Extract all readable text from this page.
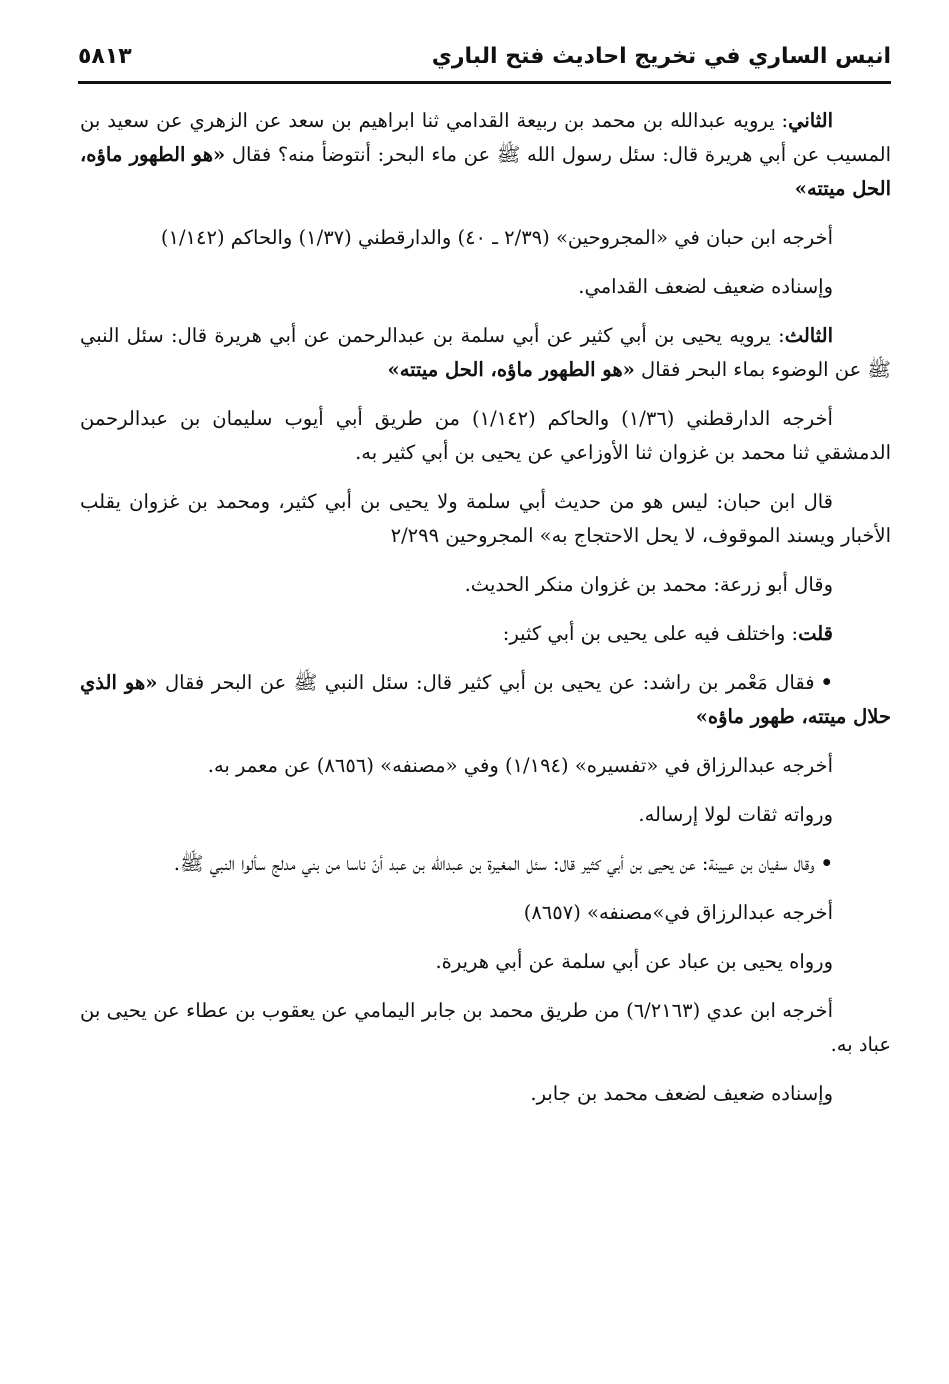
انيس الساري في تخريج احاديث فتح الباري
٥٨١٣

الثاني: يرويه عبدالله بن محمد بن ربيعة القدامي ثنا ابراهيم بن سعد عن الزهري عن سعيد بن المسيب عن أبي هريرة قال: سئل رسول الله ﷺ عن ماء البحر: أنتوضأ منه؟ فقال «هو الطهور ماؤه، الحل ميتته»

أخرجه ابن حبان في «المجروحين» (٢/٣٩ ـ ٤٠) والدارقطني (١/٣٧) والحاكم (١/١٤٢)

وإسناده ضعيف لضعف القدامي.

الثالث: يرويه يحيى بن أبي كثير عن أبي سلمة بن عبدالرحمن عن أبي هريرة قال: سئل النبي ﷺ عن الوضوء بماء البحر فقال «هو الطهور ماؤه، الحل ميتته»

أخرجه الدارقطني (١/٣٦) والحاكم (١/١٤٢) من طريق أبي أيوب سليمان بن عبدالرحمن الدمشقي ثنا محمد بن غزوان ثنا الأوزاعي عن يحيى بن أبي كثير به.

قال ابن حبان: ليس هو من حديث أبي سلمة ولا يحيى بن أبي كثير، ومحمد بن غزوان يقلب الأخبار ويسند الموقوف، لا يحل الاحتجاج به» المجروحين ٢/٢٩٩

وقال أبو زرعة: محمد بن غزوان منكر الحديث.

قلت: واختلف فيه على يحيى بن أبي كثير:

•فقال مَعْمر بن راشد: عن يحيى بن أبي كثير قال: سئل النبي ﷺ عن البحر فقال «هو الذي حلال ميتته، طهور ماؤه»

أخرجه عبدالرزاق في «تفسيره» (١/١٩٤) وفي «مصنفه» (٨٦٥٦) عن معمر به.

ورواته ثقات لولا إرساله.

•وقال سفيان بن عيينة: عن يحيى بن أبي كثير قال: سئل المغيرة بن عبدالله بن عبد أنّ ناسا من بني مدلج سألوا النبي ﷺ.

أخرجه عبدالرزاق في»مصنفه» (٨٦٥٧)

ورواه يحيى بن عباد عن أبي سلمة عن أبي هريرة.

أخرجه ابن عدي (٦/٢١٦٣) من طريق محمد بن جابر اليمامي عن يعقوب بن عطاء عن يحيى بن عباد به.

وإسناده ضعيف لضعف محمد بن جابر.
